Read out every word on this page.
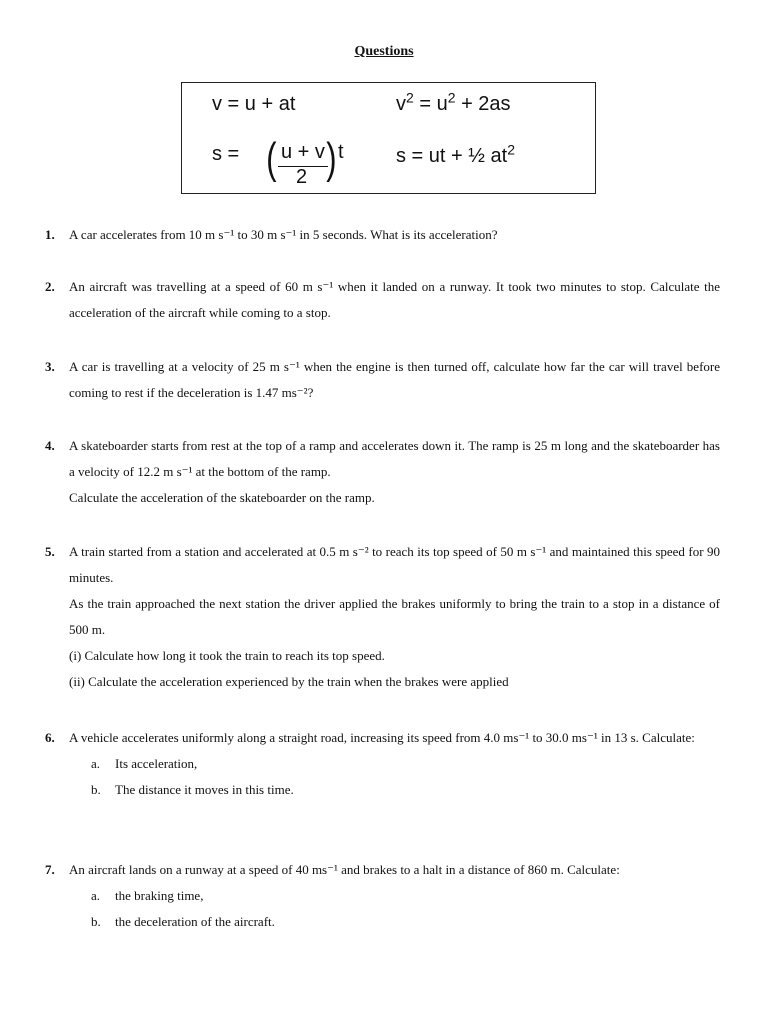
Questions
v = u + at	$v^2 = u^2 + 2as$
s = ( u + v
2 ) t	s = ut + ½ $at^2$
1. A car accelerates from 10 m s⁻¹ to 30 m s⁻¹ in 5 seconds. What is its acceleration?
2. An aircraft was travelling at a speed of 60 m s⁻¹ when it landed on a runway. It took two minutes to stop. Calculate the acceleration of the aircraft while coming to a stop.
3. A car is travelling at a velocity of 25 m s⁻¹ when the engine is then turned off, calculate how far the car will travel before coming to rest if the deceleration is 1.47 ms⁻²?
4. A skateboarder starts from rest at the top of a ramp and accelerates down it. The ramp is 25 m long and the skateboarder has a velocity of 12.2 m s⁻¹ at the bottom of the ramp.
Calculate the acceleration of the skateboarder on the ramp.
5. A train started from a station and accelerated at 0.5 m s⁻² to reach its top speed of 50 m s⁻¹ and maintained this speed for 90 minutes.
As the train approached the next station the driver applied the brakes uniformly to bring the train to a stop in a distance of 500 m.
(i) Calculate how long it took the train to reach its top speed.
(ii) Calculate the acceleration experienced by the train when the brakes were applied
6. A vehicle accelerates uniformly along a straight road, increasing its speed from 4.0 ms⁻¹ to 30.0 ms⁻¹ in 13 s. Calculate:
a. Its acceleration,
b. The distance it moves in this time.
7. An aircraft lands on a runway at a speed of 40 ms⁻¹ and brakes to a halt in a distance of 860 m. Calculate:
a. the braking time,
b. the deceleration of the aircraft.
